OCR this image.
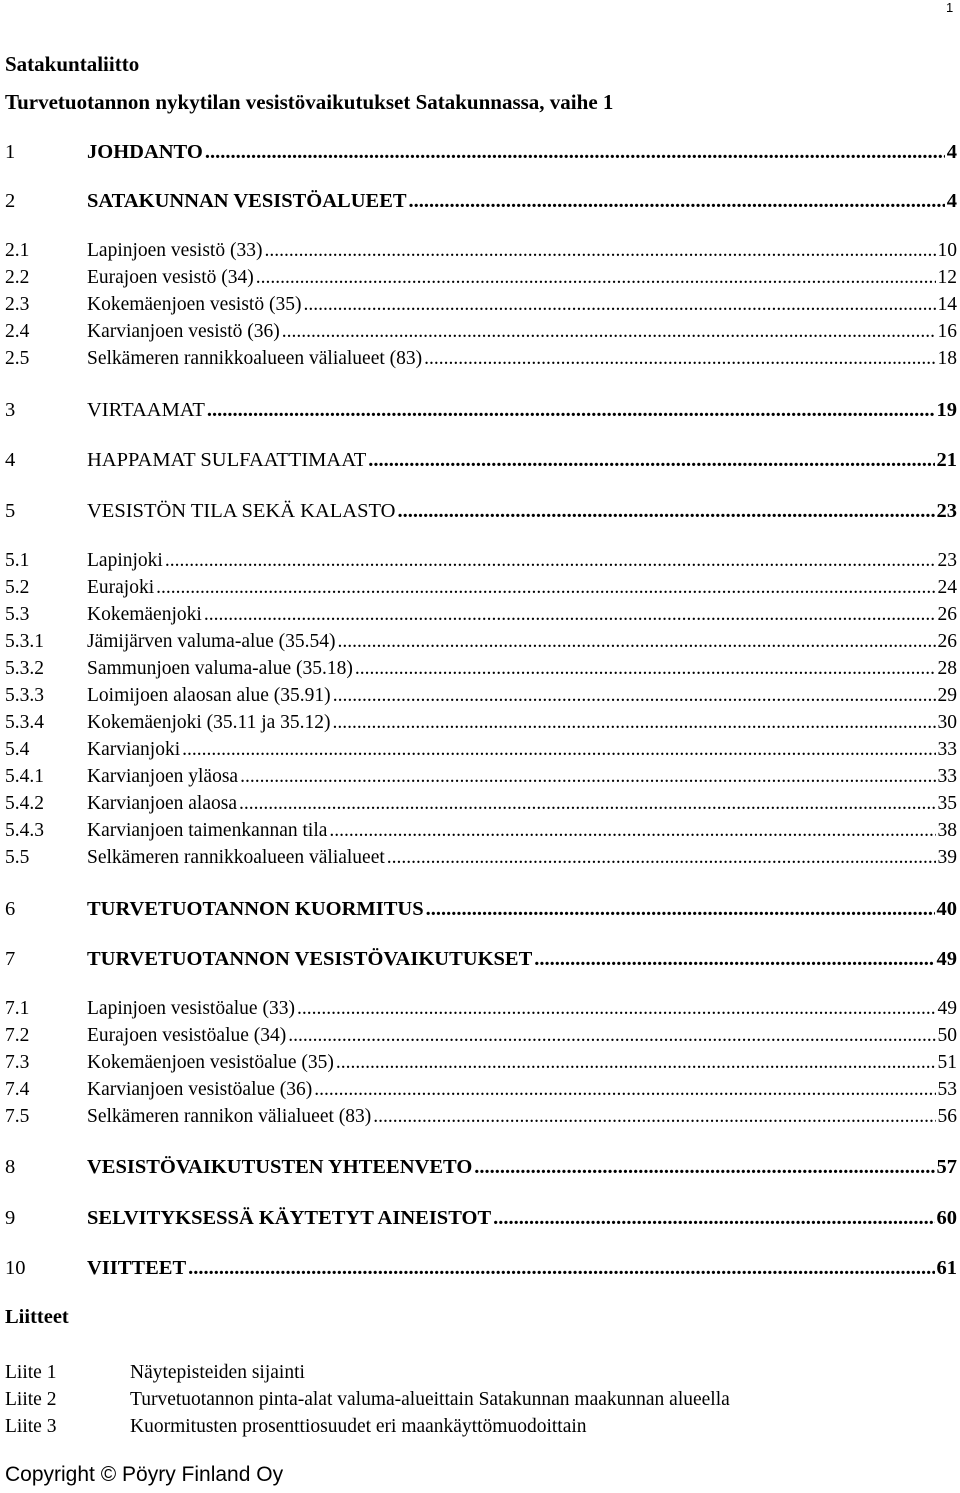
1
Satakuntaliitto
Turvetuotannon nykytilan vesistövaikutukset Satakunnassa, vaihe 1
1	JOHDANTO .....	4
2	SATAKUNNAN VESISTÖALUEET .....	4
2.1	Lapinjoen vesistö (33) .....	10
2.2	Eurajoen vesistö (34) .....	12
2.3	Kokemäenjoen vesistö (35) .....	14
2.4	Karvianjoen vesistö (36) .....	16
2.5	Selkämeren rannikkoalueen välialueet (83) .....	18
3	VIRTAAMAT .....	19
4	HAPPAMAT SULFAATTIMAAT .....	21
5	VESISTÖN TILA SEKÄ KALASTO .....	23
5.1	Lapinjoki .....	23
5.2	Eurajoki .....	24
5.3	Kokemäenjoki .....	26
5.3.1	Jämijärven valuma-alue (35.54) .....	26
5.3.2	Sammunjoen valuma-alue (35.18) .....	28
5.3.3	Loimijoen alaosan alue (35.91) .....	29
5.3.4	Kokemäenjoki (35.11 ja 35.12) .....	30
5.4	Karvianjoki .....	33
5.4.1	Karvianjoen yläosa .....	33
5.4.2	Karvianjoen alaosa .....	35
5.4.3	Karvianjoen taimenkannan tila .....	38
5.5	Selkämeren rannikkoalueen välialueet .....	39
6	TURVETUOTANNON KUORMITUS .....	40
7	TURVETUOTANNON VESISTÖVAIKUTUKSET .....	49
7.1	Lapinjoen vesistöalue (33) .....	49
7.2	Eurajoen vesistöalue (34) .....	50
7.3	Kokemäenjoen vesistöalue (35) .....	51
7.4	Karvianjoen vesistöalue (36) .....	53
7.5	Selkämeren rannikon välialueet (83) .....	56
8	VESISTÖVAIKUTUSTEN YHTEENVETO .....	57
9	SELVITYKSESSÄ KÄYTETYT AINEISTOT .....	60
10	VIITTEET .....	61
Liitteet
Liite 1	Näytepisteiden sijainti
Liite 2	Turvetuotannon pinta-alat valuma-alueittain Satakunnan maakunnan alueella
Liite 3	Kuormitusten prosenttiosuudet eri maankäyttömuodoittain
Copyright © Pöyry Finland Oy
